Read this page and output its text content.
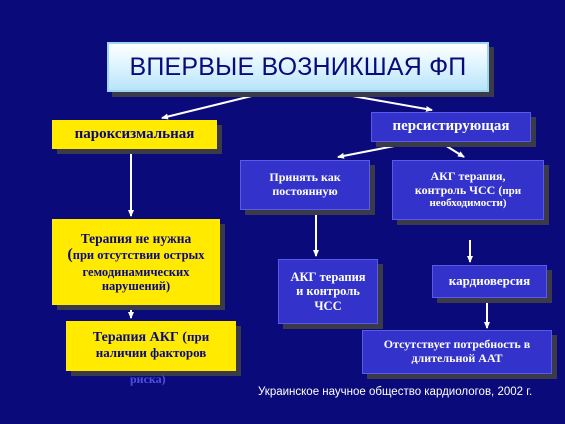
ВПЕРВЫЕ ВОЗНИКШАЯ ФП
пароксизмальная	персистирующая
Принять как
постоянную
АКГ терапия,
контроль ЧСС (при
необходимости)
Терапия не нужна
(при отсутствии острых
гемодинамических
нарушений)
Терапия АКГ (при
наличии факторов
риска)
АКГ терапия
и контроль
ЧСС
кардиоверсия
Отсутствует потребность в
длительной ААТ
Украинское научное общество кардиологов, 2002 г.
